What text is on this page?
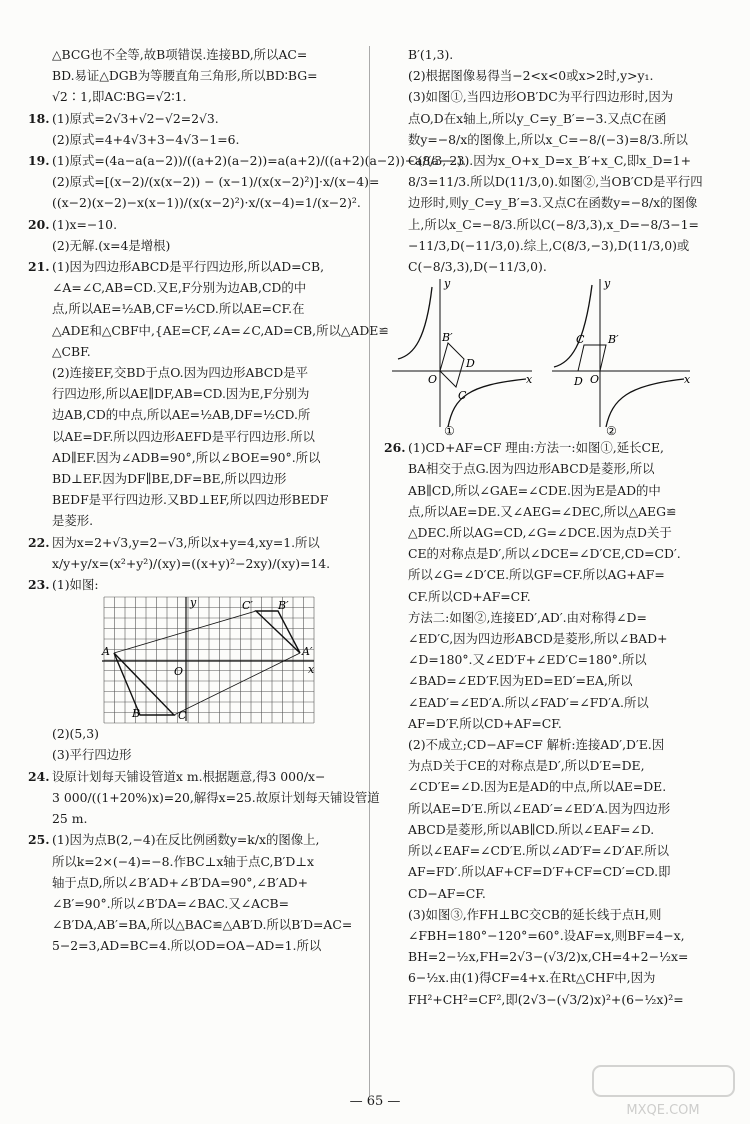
△BCG也不全等,故B项错误.连接BD,所以AC=
BD.易证△DGB为等腰直角三角形,所以BD∶BG=
√2∶1,即AC∶BG=√2∶1.
18. (1)原式=2√3+√2−√2=2√3.
(2)原式=4+4√3+3−4√3−1=6.
19. (1)原式=(4a−a(a−2))/((a+2)(a−2))=a(a+2)/((a+2)(a−2))−a/(a−2).
(2)原式=[(x−2)/(x(x−2)) − (x−1)/(x(x−2)²)]·x/(x−4)=
((x−2)(x−2)−x(x−1))/(x(x−2)²)·x/(x−4)=1/(x−2)².
20. (1)x=−10.
(2)无解.(x=4是增根)
21. (1)因为四边形ABCD是平行四边形,所以AD=CB,
∠A=∠C,AB=CD.又E,F分别为边AB,CD的中
点,所以AE=½AB,CF=½CD.所以AE=CF.在
△ADE和△CBF中,{AE=CF,∠A=∠C,AD=CB,所以△ADE≌
△CBF.
(2)连接EF,交BD于点O.因为四边形ABCD是平
行四边形,所以AE∥DF,AB=CD.因为E,F分别为
边AB,CD的中点,所以AE=½AB,DF=½CD.所
以AE=DF.所以四边形AEFD是平行四边形.所以
AD∥EF.因为∠ADB=90°,所以∠BOE=90°.所以
BD⊥EF.因为DF∥BE,DF=BE,所以四边形
BEDF是平行四边形.又BD⊥EF,所以四边形BEDF
是菱形.
22. 因为x=2+√3,y=2−√3,所以x+y=4,xy=1.所以
x/y+y/x=(x²+y²)/(xy)=((x+y)²−2xy)/(xy)=14.
23. (1)如图:
y
x
O
A
B	C
A′
B′
C′
(2)(5,3)
(3)平行四边形
24. 设原计划每天铺设管道x m.根据题意,得3 000/x−
3 000/((1+20%)x)=20,解得x=25.故原计划每天铺设管道
25 m.
25. (1)因为点B(2,−4)在反比例函数y=k/x的图像上,
所以k=2×(−4)=−8.作BC⊥x轴于点C,B′D⊥x
轴于点D,所以∠B′AD+∠B′DA=90°,∠B′AD+
∠B′=90°.所以∠B′DA=∠BAC.又∠ACB=
∠B′DA,AB′=BA,所以△BAC≌△AB′D.所以B′D=AC=
5−2=3,AD=BC=4.所以OD=OA−AD=1.所以
B′(1,3).
(2)根据图像易得当−2<x<0或x>2时,y>y₁.
(3)如图①,当四边形OB′DC为平行四边形时,因为
点O,D在x轴上,所以y_C=y_B′=−3.又点C在函
数y=−8/x的图像上,所以x_C=−8/(−3)=8/3.所以
C(8/3,−3).因为x_O+x_D=x_B′+x_C,即x_D=1+
8/3=11/3.所以D(11/3,0).如图②,当OB′CD是平行四
边形时,则y_C=y_B′=3.又点C在函数y=−8/x的图像
上,所以x_C=−8/3.所以C(−8/3,3),x_D=−8/3−1=
−11/3,D(−11/3,0).综上,C(8/3,−3),D(11/3,0)或
C(−8/3,3),D(−11/3,0).
y
x
O
B′
D
C
y
x
O
B′
C
D
①	②
26. (1)CD+AF=CF 理由:方法一:如图①,延长CE,
BA相交于点G.因为四边形ABCD是菱形,所以
AB∥CD,所以∠GAE=∠CDE.因为E是AD的中
点,所以AE=DE.又∠AEG=∠DEC,所以△AEG≌
△DEC.所以AG=CD,∠G=∠DCE.因为点D关于
CE的对称点是D′,所以∠DCE=∠D′CE,CD=CD′.
所以∠G=∠D′CE.所以GF=CF.所以AG+AF=
CF.所以CD+AF=CF.
方法二:如图②,连接ED′,AD′.由对称得∠D=
∠ED′C,因为四边形ABCD是菱形,所以∠BAD+
∠D=180°.又∠ED′F+∠ED′C=180°.所以
∠BAD=∠ED′F.因为ED=ED′=EA,所以
∠EAD′=∠ED′A.所以∠FAD′=∠FD′A.所以
AF=D′F.所以CD+AF=CF.
(2)不成立;CD−AF=CF 解析:连接AD′,D′E.因
为点D关于CE的对称点是D′,所以D′E=DE,
∠CD′E=∠D.因为E是AD的中点,所以AE=DE.
所以AE=D′E.所以∠EAD′=∠ED′A.因为四边形
ABCD是菱形,所以AB∥CD.所以∠EAF=∠D.
所以∠EAF=∠CD′E.所以∠AD′F=∠D′AF.所以
AF=FD′.所以AF+CF=D′F+CF=CD′=CD.即
CD−AF=CF.
(3)如图③,作FH⊥BC交CB的延长线于点H,则
∠FBH=180°−120°=60°.设AF=x,则BF=4−x,
BH=2−½x,FH=2√3−(√3/2)x,CH=4+2−½x=
6−½x.由(1)得CF=4+x.在Rt△CHF中,因为
FH²+CH²=CF²,即(2√3−(√3/2)x)²+(6−½x)²=
— 65 —
MXQE.COM
